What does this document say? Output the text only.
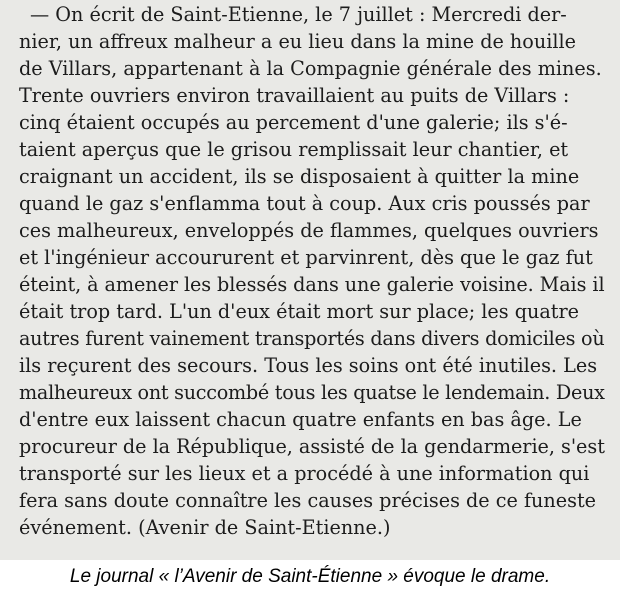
— On écrit de Saint-Etienne, le 7 juillet : Mercredi der-
nier, un affreux malheur a eu lieu dans la mine de houille
de Villars, appartenant à la Compagnie générale des mines.
Trente ouvriers environ travaillaient au puits de Villars :
cinq étaient occupés au percement d'une galerie; ils s'é-
taient aperçus que le grisou remplissait leur chantier, et
craignant un accident, ils se disposaient à quitter la mine
quand le gaz s'enflamma tout à coup. Aux cris poussés par
ces malheureux, enveloppés de flammes, quelques ouvriers
et l'ingénieur accoururent et parvinrent, dès que le gaz fut
éteint, à amener les blessés dans une galerie voisine. Mais il
était trop tard. L'un d'eux était mort sur place; les quatre
autres furent vainement transportés dans divers domiciles où
ils reçurent des secours. Tous les soins ont été inutiles. Les
malheureux ont succombé tous les quatse le lendemain. Deux
d'entre eux laissent chacun quatre enfants en bas âge. Le
procureur de la République, assisté de la gendarmerie, s'est
transporté sur les lieux et a procédé à une information qui
fera sans doute connaître les causes précises de ce funeste
événement. (Avenir de Saint-Etienne.)
Le journal « l’Avenir de Saint-Étienne » évoque le drame.
